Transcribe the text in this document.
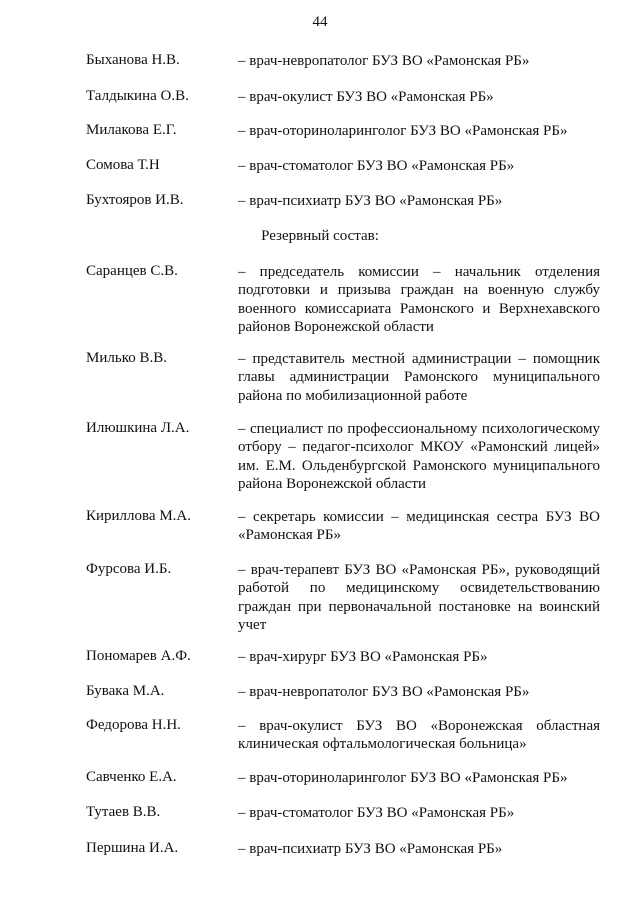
44
Быханова Н.В.	– врач-невропатолог БУЗ ВО «Рамонская РБ»
Талдыкина О.В.	– врач-окулист БУЗ ВО «Рамонская РБ»
Милакова Е.Г.	– врач-оториноларинголог БУЗ ВО «Рамонская РБ»
Сомова Т.Н	– врач-стоматолог БУЗ ВО «Рамонская РБ»
Бухтояров И.В.	– врач-психиатр БУЗ ВО «Рамонская РБ»
Резервный состав:
Саранцев С.В.	– председатель комиссии – начальник отделения подготовки и призыва граждан на военную службу военного комиссариата Рамонского и Верхнехавского районов Воронежской области
Милько В.В.	– представитель местной администрации – помощник главы администрации Рамонского муниципального района по мобилизационной работе
Илюшкина Л.А.	– специалист по профессиональному психологическому отбору – педагог-психолог МКОУ «Рамонский лицей» им. Е.М. Ольденбургской Рамонского муниципального района Воронежской области
Кириллова М.А.	– секретарь комиссии – медицинская сестра БУЗ ВО «Рамонская РБ»
Фурсова И.Б.	– врач-терапевт БУЗ ВО «Рамонская РБ», руководящий работой по медицинскому освидетельствованию граждан при первоначальной постановке на воинский учет
Пономарев А.Ф.	– врач-хирург БУЗ ВО «Рамонская РБ»
Бувака М.А.	– врач-невропатолог БУЗ ВО «Рамонская РБ»
Федорова Н.Н.	– врач-окулист БУЗ ВО «Воронежская областная клиническая офтальмологическая больница»
Савченко Е.А.	– врач-оториноларинголог БУЗ ВО «Рамонская РБ»
Тутаев В.В.	– врач-стоматолог БУЗ ВО «Рамонская РБ»
Першина И.А.	– врач-психиатр БУЗ ВО «Рамонская РБ»
